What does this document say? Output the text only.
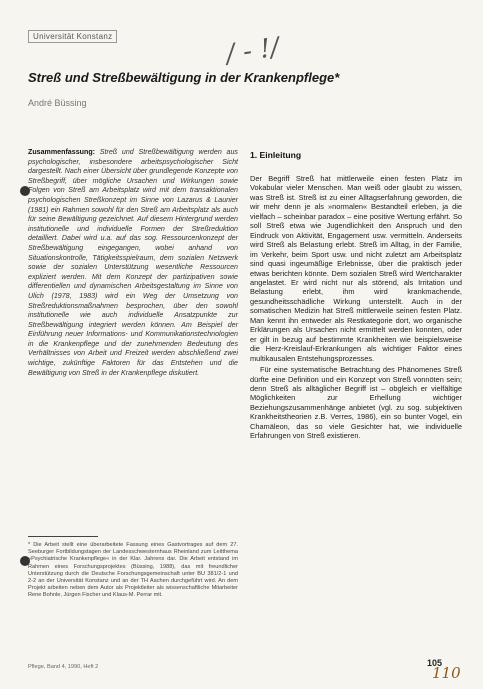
Universität Konstanz	/ - !/
Streß und Streßbewältigung in der Krankenpflege*
André Büssing

Zusammenfassung: Streß und Streßbewältigung werden aus psychologischer, insbesondere arbeitspsychologischer Sicht dargestellt. Nach einer Übersicht über grundlegende Konzepte von Streßbegriff, über mögliche Ursachen und Wirkungen sowie Folgen von Streß am Arbeitsplatz wird mit dem transaktionalen psychologischen Streßkonzept im Sinne von Lazarus & Launier (1981) ein Rahmen sowohl für den Streß am Arbeitsplatz als auch für seine Bewältigung gezeichnet. Auf diesem Hintergrund werden institutionelle und individuelle Formen der Streßreduktion detailliert. Dabei wird u.a. auf das sog. Ressourcenkonzept der Streßbewältigung eingegangen, wobei anhand von Situationskontrolle, Tätigkeitsspielraum, dem sozialen Netzwerk sowie der sozialen Unterstützung wesentliche Ressourcen expliziert werden. Mit dem Konzept der partizipativen sowie differentiellen und dynamischen Arbeitsgestaltung im Sinne von Ulich (1978, 1983) wird ein Weg der Umsetzung von Streßreduktionsmaßnahmen besprochen, über den sowohl institutionelle wie auch individuelle Ansatzpunkte zur Streßbewältigung integriert werden können. Am Beispiel der Einführung neuer Informations- und Kommunikationstechnologien in die Krankenpflege und der zunehmenden Bedeutung des Verhältnisses von Arbeit und Freizeit werden abschließend zwei wichtige, zukünftige Faktoren für das Entstehen und die Bewältigung von Streß in der Krankenpflege diskutiert.

* Die Arbeit stellt eine überarbeitete Fassung eines Gastvortrages auf dem 27. Seeburger Fortbildungstagen der Landesschwesternhaus Rheinland zum Leitthema »Psychiatrische Krankenpflege« in der Klar. Jahrens dar. Die Arbeit entstand im Rahmen eines Forschungsprojektes (Büssing, 1988), das mit freundlicher Unterstützung durch die Deutsche Forschungsgemeinschaft unter BU 381/2-1 und 2-2 an der Universität Konstanz und an der TH Aachen durchgeführt wird. An dem Projekt arbeiten neben dem Autor als Projektleiter als wissenschaftliche Mitarbeiter Rene Bohnle, Jürgen Fischer und Klaus-M. Perrar mit.

1. Einleitung

Der Begriff Streß hat mittlerweile einen festen Platz im Vokabular vieler Menschen. Man weiß oder glaubt zu wissen, was Streß ist. Streß ist zu einer Alltagserfahrung geworden, die wir mehr denn je als »normalen« Bestandteil erleben, ja die vielfach – scheinbar paradox – eine positive Wertung erfährt. So soll Streß etwa wie Jugendlichkeit den Anspruch und den Eindruck von Aktivität, Engagement usw. vermitteln. Anderseits wird Streß als Belastung erlebt. Streß im Alltag, in der Familie, im Verkehr, beim Sport usw. und nicht zuletzt am Arbeitsplatz sind quasi ingeumäßige Erlebnisse, über die praktisch jeder etwas berichten könnte. Dem sozialen Streß wird Wertcharakter angelastet. Er wird nicht nur als störend, als Irritation und Belastung erlebt, ihm wird krankmachende, gesundheitsschädliche Wirkung unterstellt. Auch in der somatischen Medizin hat Streß mittlerweile seinen festen Platz. Man kennt ihn entweder als Restkategorie dort, wo organische Erklärungen als Ursachen nicht ermittelt werden konnten, oder er gilt in bezug auf bestimmte Krankheiten wie beispielsweise die Herz-Kreislauf-Erkrankungen als wichtiger Faktor eines multikausalen Entstehungsprozesses.

Für eine systematische Betrachtung des Phänomenes Streß dürfte eine Definition und ein Konzept von Streß vonnöten sein; denn Streß als alltäglicher Begriff ist – obgleich er vielfältige Möglichkeiten zur Erhellung wichtiger Beziehungszusammenhänge anbietet (vgl. zu sog. subjektiven Krankheitstheorien z.B. Verres, 1986), ein so bunter Vogel, ein Chamäleon, das so viele Gesichter hat, wie individuelle Erfahrungen von Streß existieren.

Pflege, Band 4, 1990, Heft 2	105
110
